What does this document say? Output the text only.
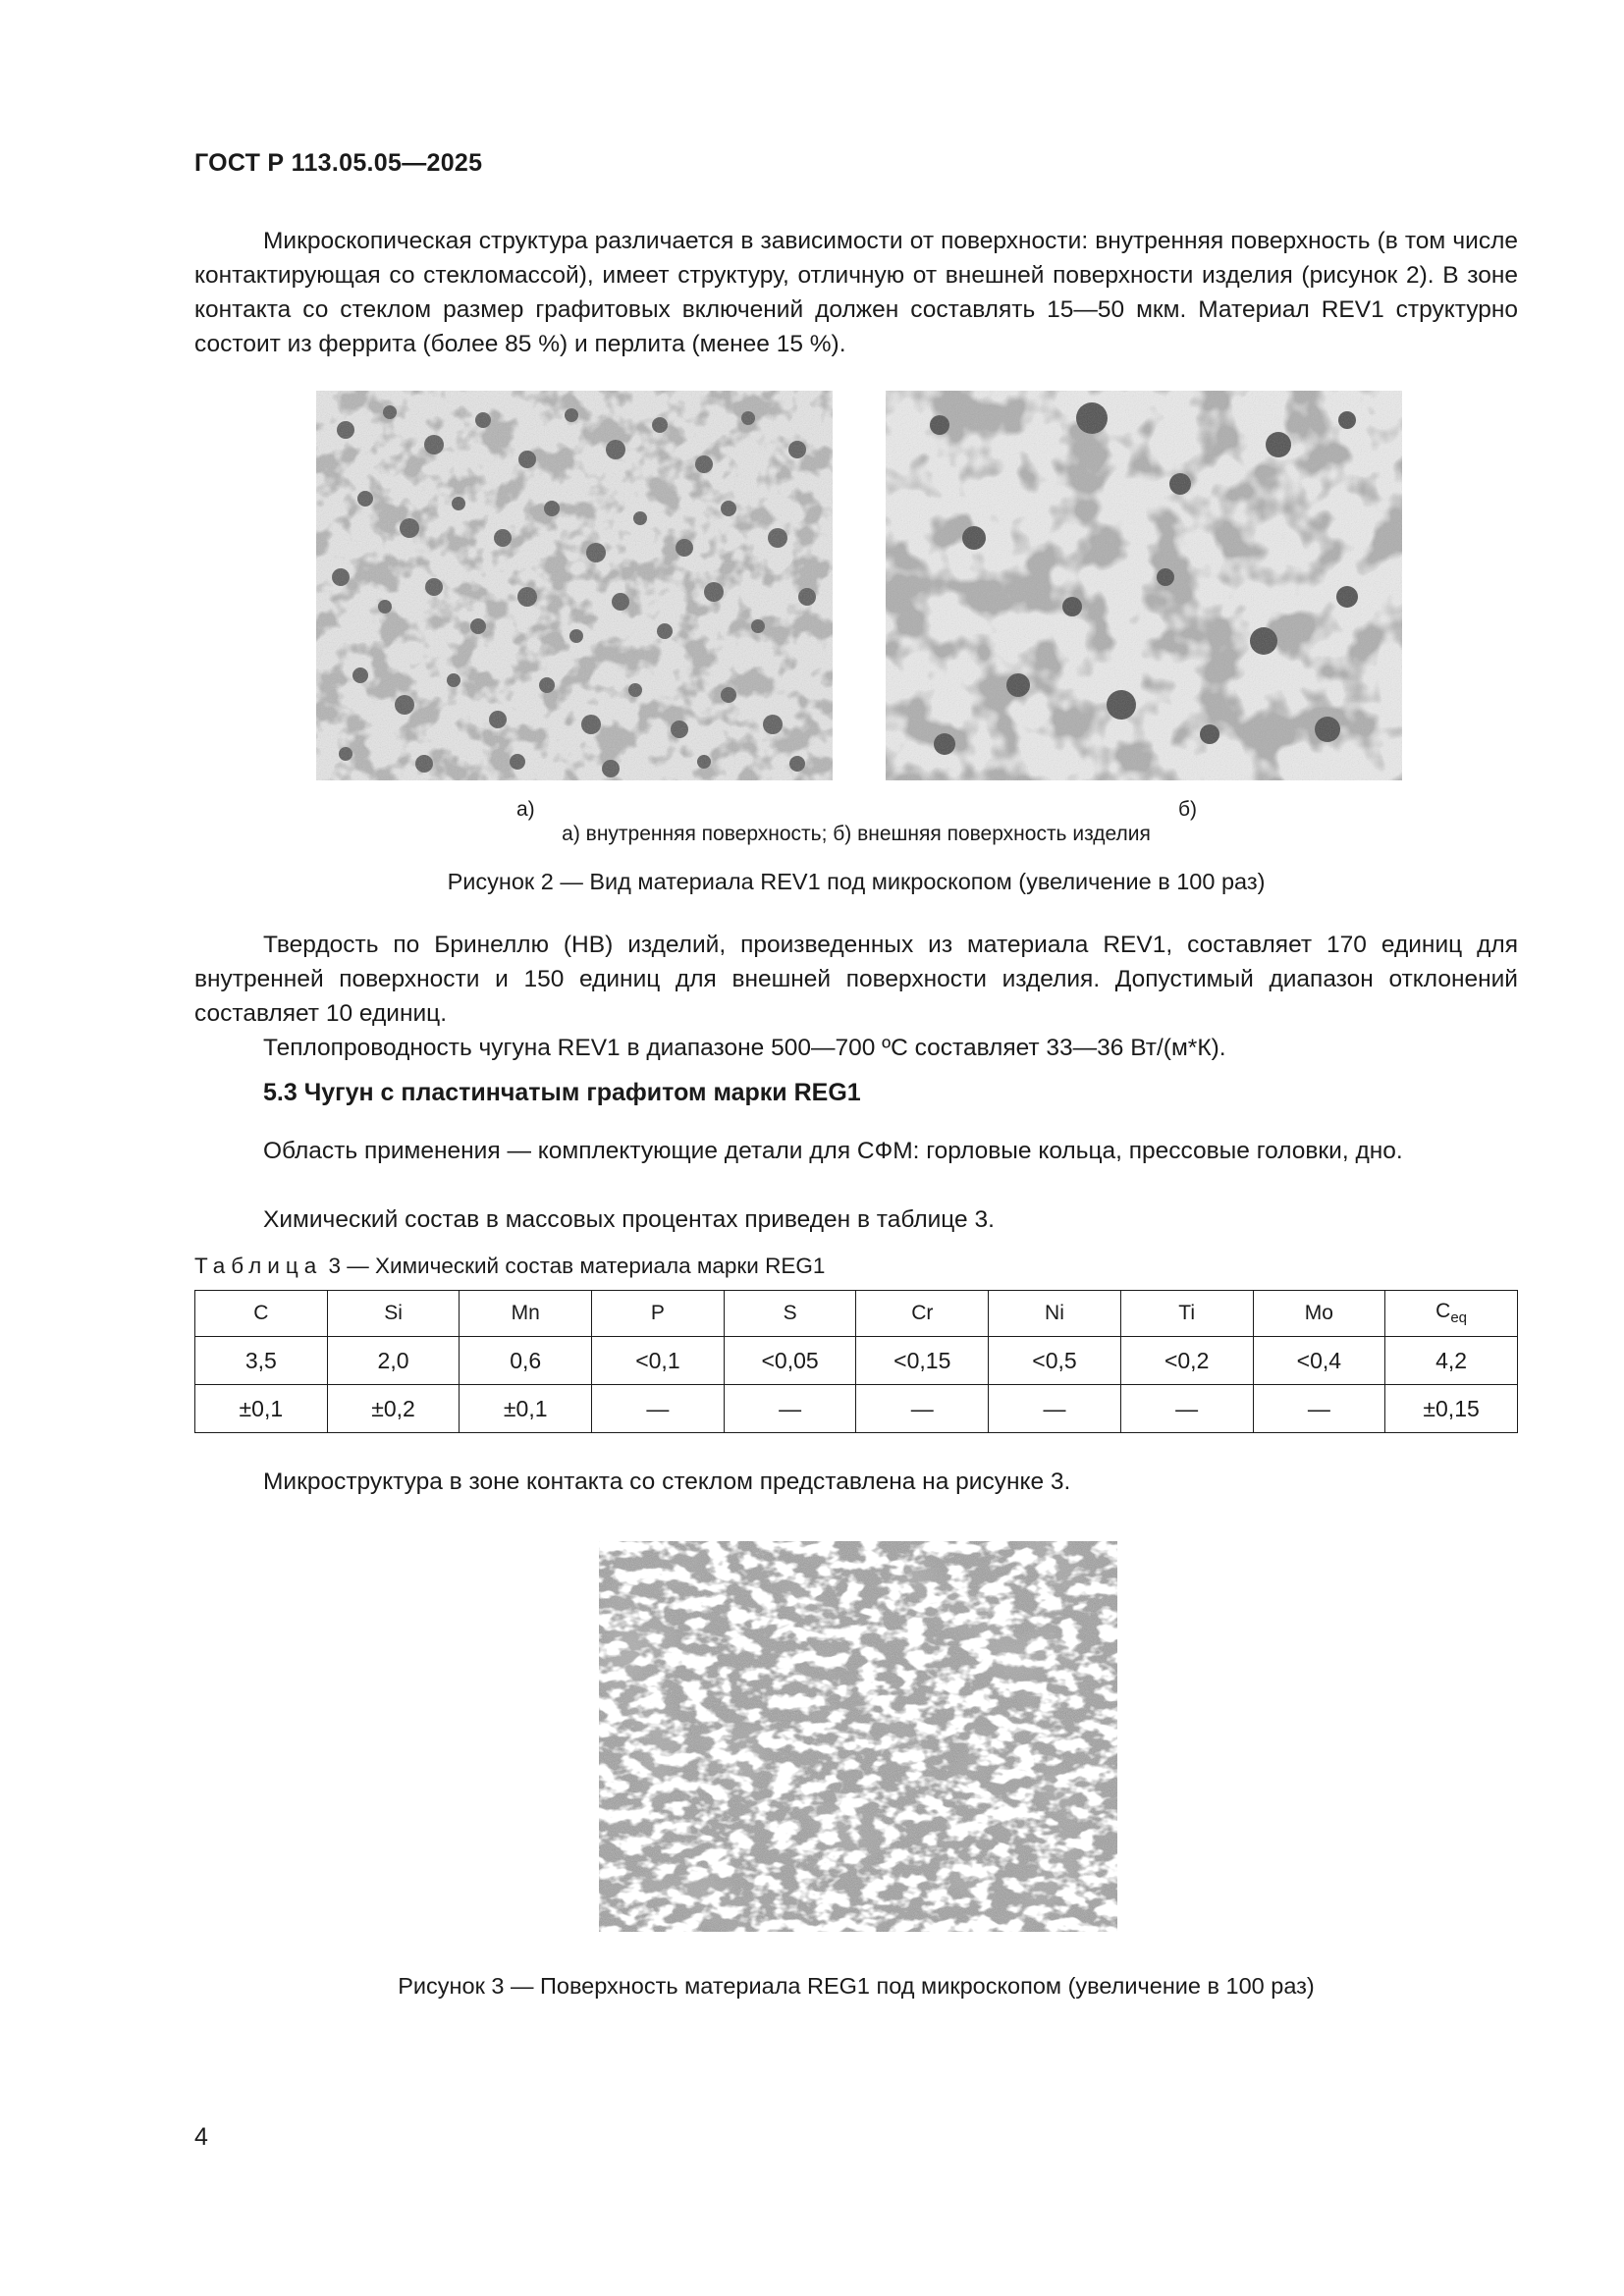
ГОСТ Р 113.05.05—2025

Микроскопическая структура различается в зависимости от поверхности: внутренняя поверхность (в том числе контактирующая со стекломассой), имеет структуру, отличную от внешней поверхности изделия (рисунок 2). В зоне контакта со стеклом размер графитовых включений должен составлять 15—50 мкм. Материал REV1 структурно состоит из феррита (более 85 %) и перлита (менее 15 %).

а)	б)
а) внутренняя поверхность; б) внешняя поверхность изделия
Рисунок 2 — Вид материала REV1 под микроскопом (увеличение в 100 раз)

Твердость по Бринеллю (HB) изделий, произведенных из материала REV1, составляет 170 единиц для внутренней поверхности и 150 единиц для внешней поверхности изделия. Допустимый диапазон отклонений составляет 10 единиц.

Теплопроводность чугуна REV1 в диапазоне 500—700 ºС составляет 33—36 Вт/(м*К).

5.3 Чугун с пластинчатым графитом марки REG1

Область применения — комплектующие детали для СФМ: горловые кольца, прессовые головки, дно.

Химический состав в массовых процентах приведен в таблице 3.

Таблица 3 — Химический состав материала марки REG1
C	Si	Mn	P	S	Cr	Ni	Ti	Mo	$C_{eq}$
3,5	2,0	0,6	<0,1	<0,05	<0,15	<0,5	<0,2	<0,4	4,2
±0,1	±0,2	±0,1	—	—	—	—	—	—	±0,15

Микроструктура в зоне контакта со стеклом представлена на рисунке 3.

Рисунок 3 — Поверхность материала REG1 под микроскопом (увеличение в 100 раз)
4
